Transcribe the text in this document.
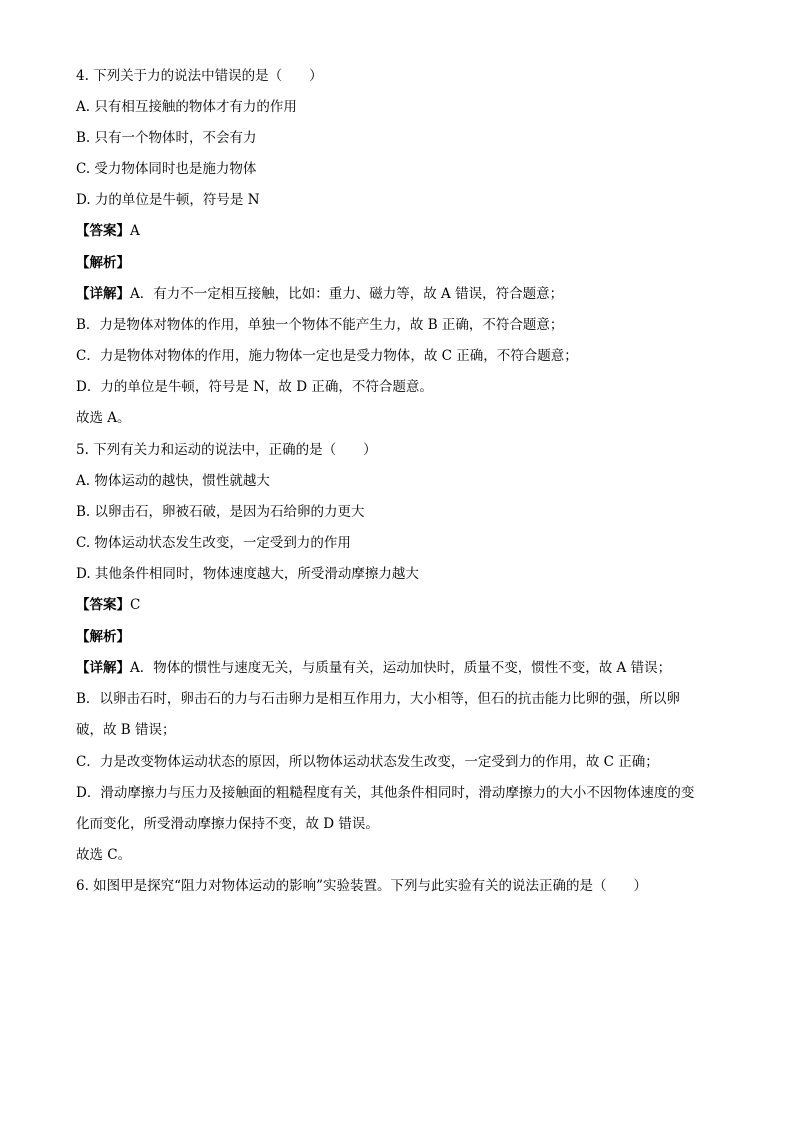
4. 下列关于力的说法中错误的是（　　）
A. 只有相互接触的物体才有力的作用
B. 只有一个物体时，不会有力
C. 受力物体同时也是施力物体
D. 力的单位是牛顿，符号是 N
【答案】A
【解析】
【详解】A．有力不一定相互接触，比如：重力、磁力等，故 A 错误，符合题意；
B．力是物体对物体的作用，单独一个物体不能产生力，故 B 正确，不符合题意；
C．力是物体对物体的作用，施力物体一定也是受力物体，故 C 正确，不符合题意；
D．力的单位是牛顿，符号是 N，故 D 正确，不符合题意。
故选 A。
5. 下列有关力和运动的说法中，正确的是（　　）
A. 物体运动的越快，惯性就越大
B. 以卵击石，卵被石破，是因为石给卵的力更大
C. 物体运动状态发生改变，一定受到力的作用
D. 其他条件相同时，物体速度越大，所受滑动摩擦力越大
【答案】C
【解析】
【详解】A．物体的惯性与速度无关，与质量有关，运动加快时，质量不变，惯性不变，故 A 错误；
B．以卵击石时，卵击石的力与石击卵力是相互作用力，大小相等，但石的抗击能力比卵的强，所以卵
破，故 B 错误；
C．力是改变物体运动状态的原因，所以物体运动状态发生改变，一定受到力的作用，故 C 正确；
D．滑动摩擦力与压力及接触面的粗糙程度有关，其他条件相同时，滑动摩擦力的大小不因物体速度的变
化而变化，所受滑动摩擦力保持不变，故 D 错误。
故选 C。
6. 如图甲是探究“阻力对物体运动的影响”实验装置。下列与此实验有关的说法正确的是（　　）
